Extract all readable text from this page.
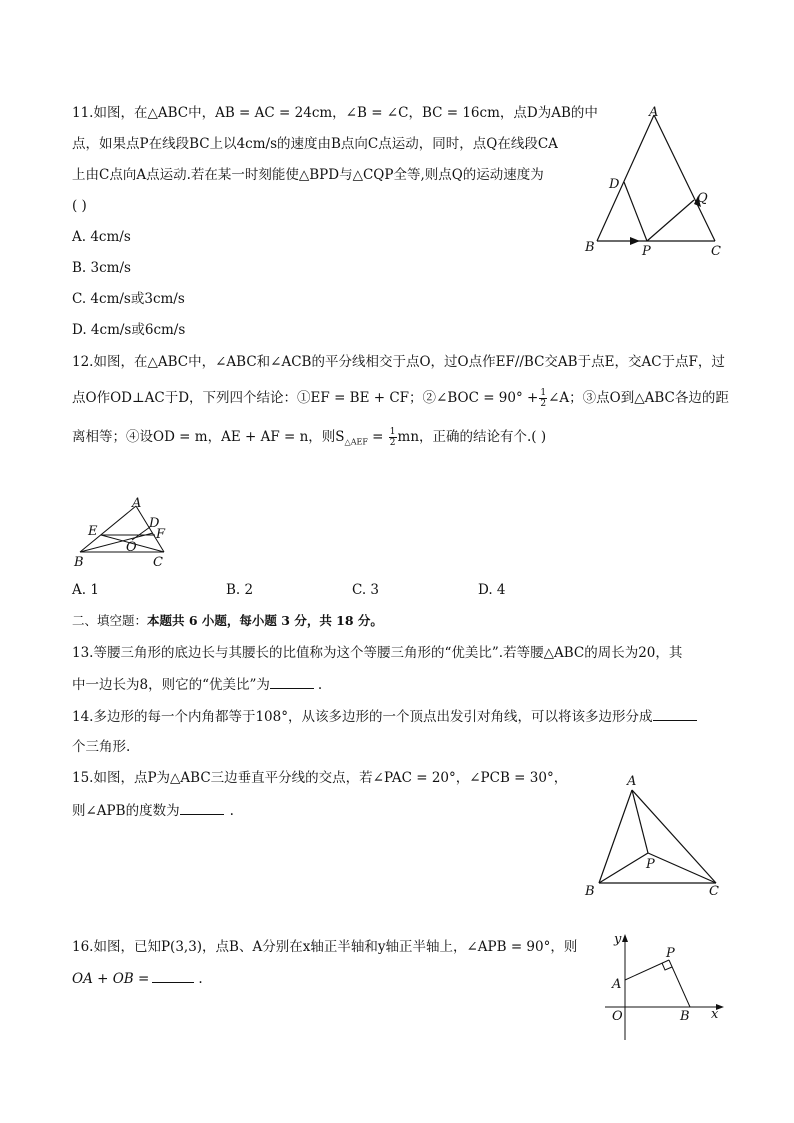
11.如图，在△ABC中，AB = AC = 24cm，∠B = ∠C，BC = 16cm，点D为AB的中
点，如果点P在线段BC上以4cm/s的速度由B点向C点运动，同时，点Q在线段CA
上由C点向A点运动.若在某一时刻能使△BPD与△CQP全等,则点Q的运动速度为
( )
A. 4cm/s
B. 3cm/s
C. 4cm/s或3cm/s
D. 4cm/s或6cm/s
A
B	C
D
P
Q
12.如图，在△ABC中，∠ABC和∠ACB的平分线相交于点O，过O点作EF//BC交AB于点E，交AC于点F，过
点O作OD⊥AC于D，下列四个结论：①EF = BE + CF；②∠BOC = $90^\circ + \frac{1}{2}$ ∠A；③点O到△ABC各边的距
离相等；④设OD = m，AE + AF = n，则$S_{\triangle AEF} = \frac{1}{2}$ mn，正确的结论有个.( )
A
B	C
D
E	F
O
A. 1	B. 2	C. 3	D. 4
二、填空题：本题共 6 小题，每小题 3 分，共 18 分。
13.等腰三角形的底边长与其腰长的比值称为这个等腰三角形的“优美比”.若等腰△ABC的周长为20，其
中一边长为8，则它的“优美比”为	.
14.多边形的每一个内角都等于108°，从该多边形的一个顶点出发引对角线，可以将该多边形分成
个三角形.
15.如图，点P为△ABC三边垂直平分线的交点，若∠PAC = 20°，∠PCB = 30°，
则∠APB的度数为	.
A
B	C
P
16.如图，已知P(3,3)，点B、A分别在x轴正半轴和y轴正半轴上，∠APB = 90°，则
OA + OB =	.
y
x
O
A
B
P
